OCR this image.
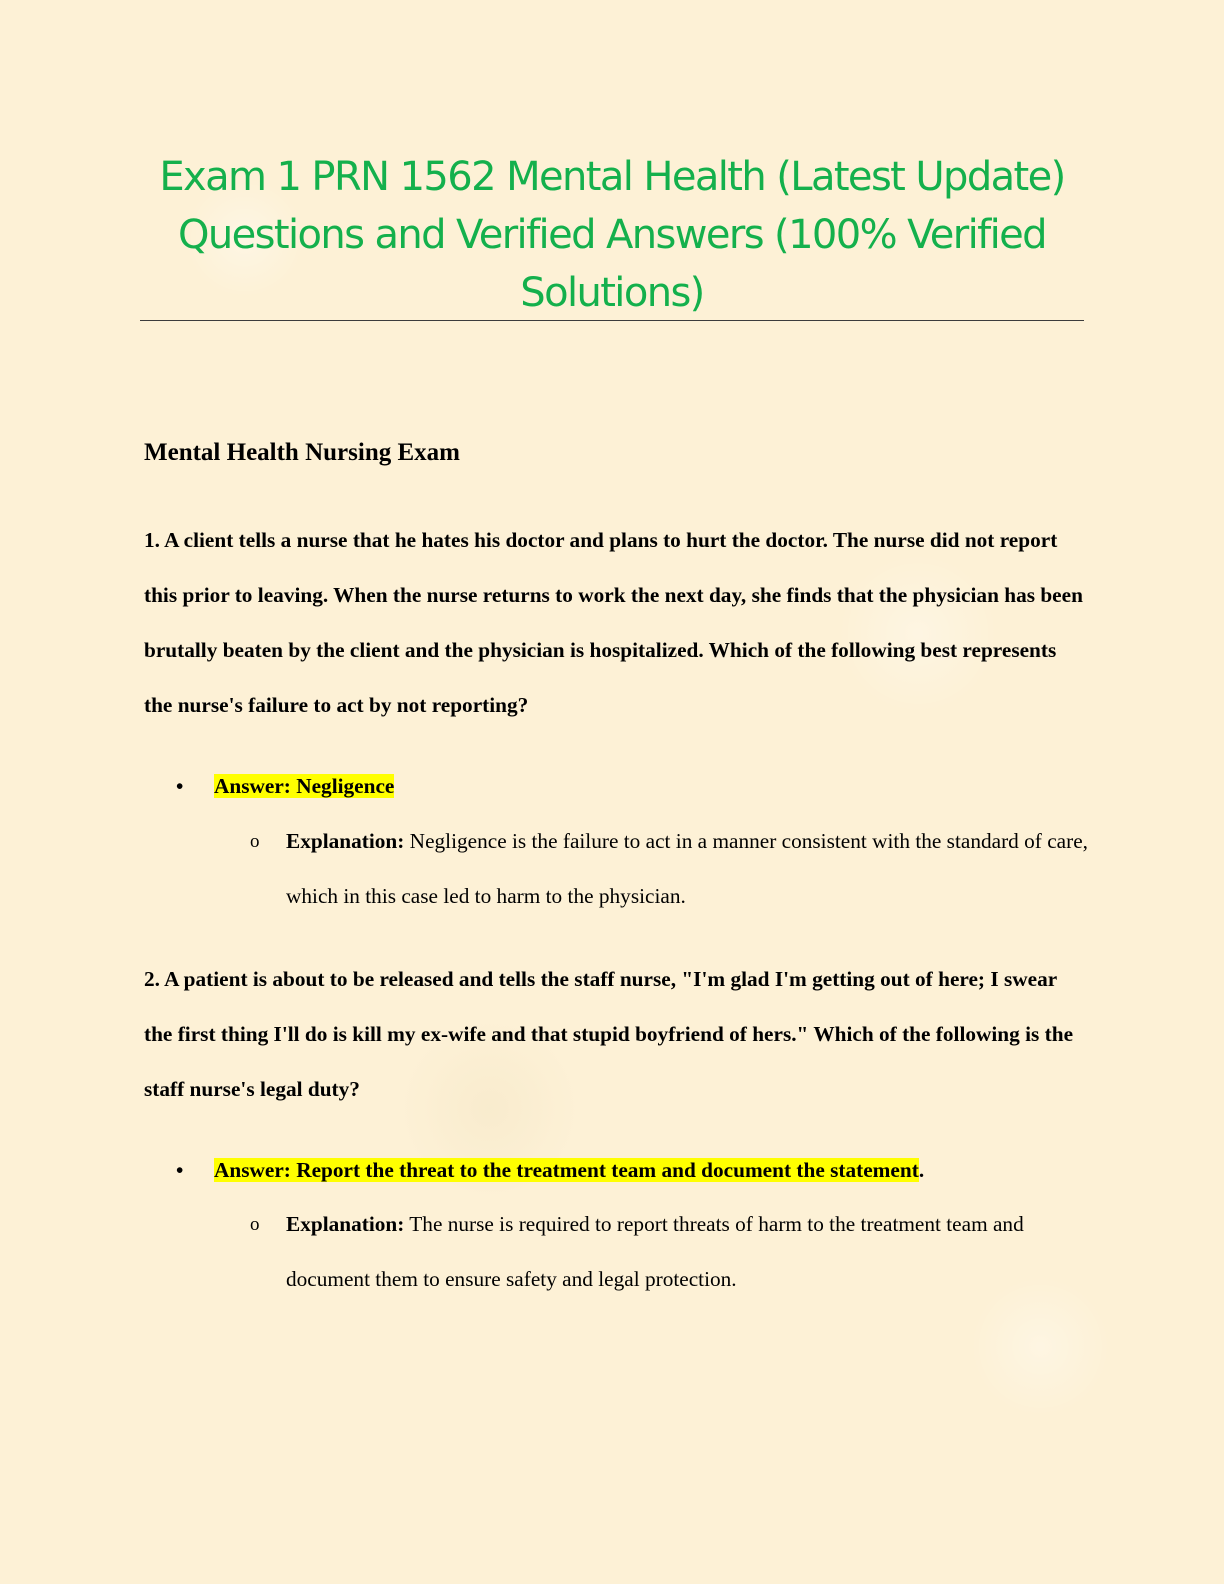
Exam 1 PRN 1562 Mental Health (Latest Update) Questions and Verified Answers (100% Verified Solutions)
Mental Health Nursing Exam
1. A client tells a nurse that he hates his doctor and plans to hurt the doctor. The nurse did not report this prior to leaving. When the nurse returns to work the next day, she finds that the physician has been brutally beaten by the client and the physician is hospitalized. Which of the following best represents the nurse's failure to act by not reporting?
•	Answer: Negligence
o Explanation: Negligence is the failure to act in a manner consistent with the standard of care, which in this case led to harm to the physician.
2. A patient is about to be released and tells the staff nurse, "I'm glad I'm getting out of here; I swear the first thing I'll do is kill my ex-wife and that stupid boyfriend of hers." Which of the following is the staff nurse's legal duty?
•	Answer: Report the threat to the treatment team and document the statement.
o Explanation: The nurse is required to report threats of harm to the treatment team and document them to ensure safety and legal protection.
